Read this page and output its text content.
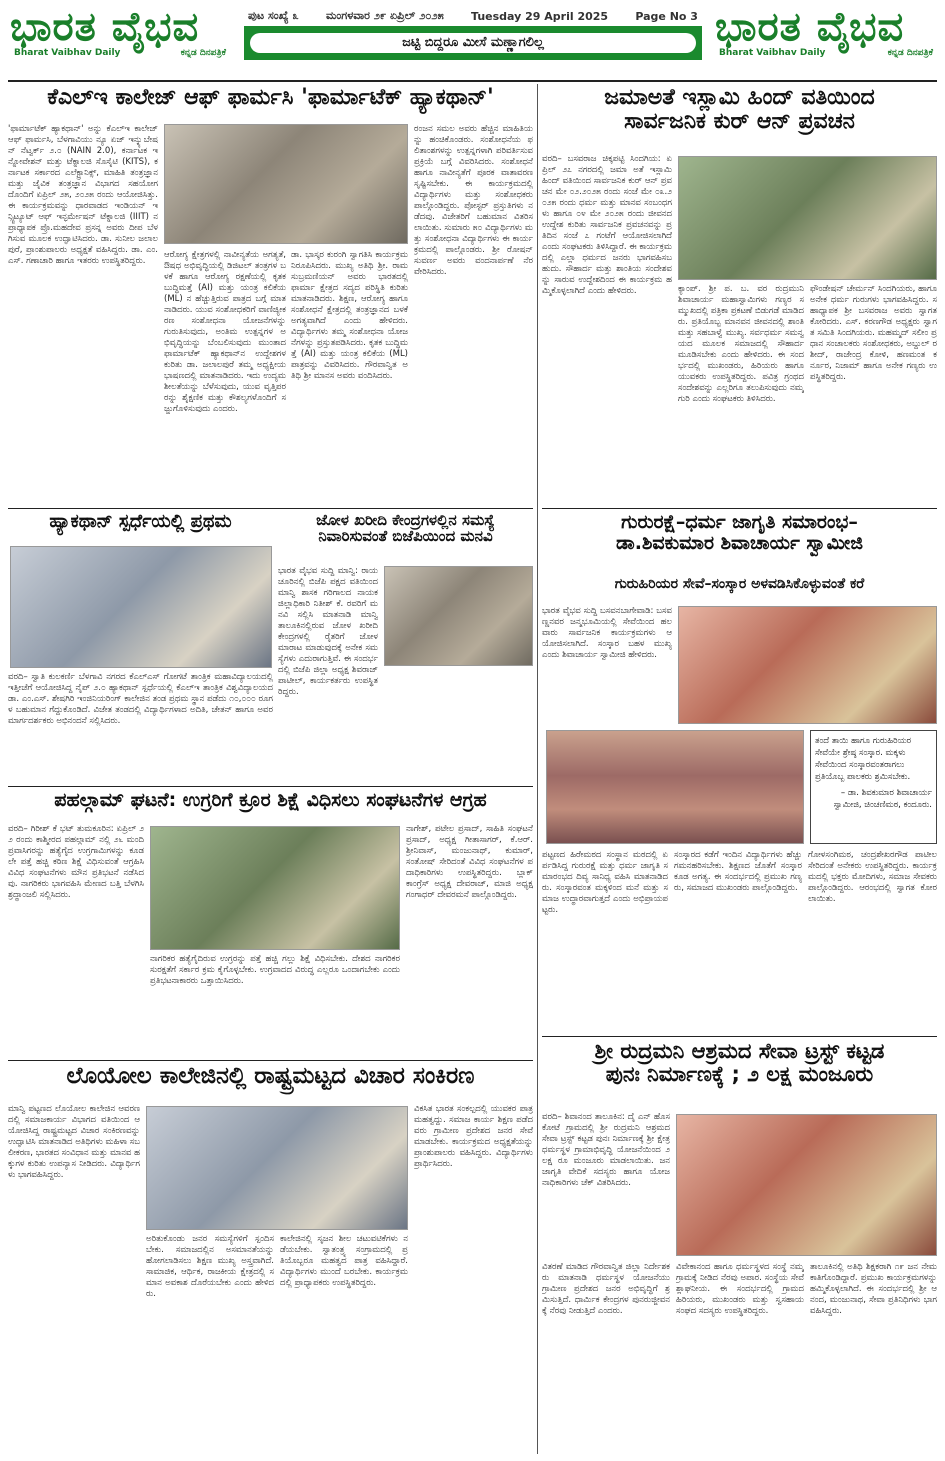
ಭಾರತ ವೈಭವ
Bharat Vaibhav Daily	ಕನ್ನಡ ದಿನಪತ್ರಿಕೆ
ಪುಟ ಸಂಖ್ಯೆ ೩ ಮಂಗಳವಾರ ೨೯ ಏಪ್ರಿಲ್ ೨೦೨೫ Tuesday 29 April 2025 Page No 3
ಜಟ್ಟಿ ಬಿದ್ದರೂ ಮೀಸೆ ಮಣ್ಣಾಗಲಿಲ್ಲ	ಭಾರತ ವೈಭವ
Bharat Vaibhav Daily	ಕನ್ನಡ ದಿನಪತ್ರಿಕೆ
ಕೆಎಲ್ಇ ಕಾಲೇಜ್ ಆಫ್ ಫಾರ್ಮಸಿ 'ಫಾರ್ಮಾಟೆಕ್ ಹ್ಯಾಕಥಾನ್'
'ಫಾರ್ಮಾಟೆಕ್ ಹ್ಯಾಕಥಾನ್' ಅನ್ನು ಕೆಎಲ್ಇ ಕಾಲೇಜ್ ಆಫ್ ಫಾರ್ಮಸಿ, ಬೆಳಗಾವಿಯು ನ್ಯೂ ಏಜ್ ಇನ್ಕ್ಯುಬೇಷನ್ ನೆಟ್ವರ್ಕ್ ೨.೦ (NAIN 2.0), ಕರ್ನಾಟಕ ಇನ್ನೋವೇಶನ್ ಮತ್ತು ಟೆಕ್ನಾಲಜಿ ಸೊಸೈಟಿ (KITS), ಕರ್ನಾಟಕ ಸರ್ಕಾರದ ಎಲೆಕ್ಟ್ರಾನಿಕ್ಸ್, ಮಾಹಿತಿ ತಂತ್ರಜ್ಞಾನ ಮತ್ತು ಜೈವಿಕ ತಂತ್ರಜ್ಞಾನ ವಿಭಾಗದ ಸಹಯೋಗದೊಂದಿಗೆ ಏಪ್ರಿಲ್ ೨೫, ೨೦೨೫ ರಂದು ಆಯೋಜಿಸಿತ್ತು. ಈ ಕಾರ್ಯಕ್ರಮವನ್ನು ಧಾರವಾಡದ ಇಂಡಿಯನ್ ಇನ್ಸ್ಟಿಟ್ಯೂಟ್ ಆಫ್ ಇನ್ಫರ್ಮೇಷನ್ ಟೆಕ್ನಾಲಜಿ (IIIT) ನ ಪ್ರಾಧ್ಯಾಪಕ ಪ್ರೊ.ಮಹದೇವ ಪ್ರಸನ್ನ ಅವರು ದೀಪ ಬೆಳಗಿಸುವ ಮೂಲಕ ಉದ್ಘಾಟಿಸಿದರು. ಡಾ. ಸುನೀಲ ಜಲಾಲಪುರೆ, ಪ್ರಾಂಶುಪಾಲರು ಅಧ್ಯಕ್ಷತೆ ವಹಿಸಿದ್ದರು. ಡಾ. ಎಂ.ಎಸ್. ಗಣಾಚಾರಿ ಹಾಗೂ ಇತರರು ಉಪಸ್ಥಿತರಿದ್ದರು.
ಆರೋಗ್ಯ ಕ್ಷೇತ್ರಗಳಲ್ಲಿ ನಾವೀನ್ಯತೆಯ ಅಗತ್ಯತೆ, ಔಷಧ ಅಭಿವೃದ್ಧಿಯಲ್ಲಿ ಡಿಜಿಟಲ್ ತಂತ್ರಗಳ ಬಳಕೆ ಹಾಗೂ ಆರೋಗ್ಯ ರಕ್ಷಣೆಯಲ್ಲಿ ಕೃತಕ ಬುದ್ಧಿಮತ್ತೆ (AI) ಮತ್ತು ಯಂತ್ರ ಕಲಿಕೆಯ (ML) ನ ಹೆಚ್ಚುತ್ತಿರುವ ಪಾತ್ರದ ಬಗ್ಗೆ ಮಾತನಾಡಿದರು. ಯುವ ಸಂಶೋಧಕರಿಗೆ ವಾಣಿಜ್ಯೀಕರಣ ಸಂಶೋಧನಾ ಯೋಜನೆಗಳನ್ನು ಗುರುತಿಸುವುದು, ಅಂತಿಮ ಉತ್ಪನ್ನಗಳ ಅಭಿವೃದ್ಧಿಯನ್ನು ಬೆಂಬಲಿಸುವುದು ಮುಂತಾದ ಫಾರ್ಮಾಟೆಕ್ ಹ್ಯಾಕಥಾನ್‌ನ ಉದ್ದೇಶಗಳ ಕುರಿತು ಡಾ. ಜಲಾಲಪುರೆ ತಮ್ಮ ಅಧ್ಯಕ್ಷೀಯ ಭಾಷಣದಲ್ಲಿ ಮಾತನಾಡಿದರು. ಇದು ಉದ್ಯಮಶೀಲತೆಯನ್ನು ಬೆಳೆಸುವುದು, ಯುವ ವೃತ್ತಿಪರರನ್ನು ಶೈಕ್ಷಣಿಕ ಮತ್ತು ಕೌಶಲ್ಯಗಳೊಂದಿಗೆ ಸಜ್ಜುಗೊಳಿಸುವುದು ಎಂದರು.
ಡಾ. ಭಾಸ್ಕರ ಕುರಂಗಿ ಸ್ವಾಗತಿಸಿ ಕಾರ್ಯಕ್ರಮ ನಿರೂಪಿಸಿದರು. ಮುಖ್ಯ ಅತಿಥಿ ಶ್ರೀ. ರಾಮ ಸುಬ್ರಮಣಿಯನ್ ಅವರು ಭಾರತದಲ್ಲಿ ಫಾರ್ಮಾ ಕ್ಷೇತ್ರದ ಸದ್ಯದ ಪರಿಸ್ಥಿತಿ ಕುರಿತು ಮಾತನಾಡಿದರು. ಶಿಕ್ಷಣ, ಆರೋಗ್ಯ ಹಾಗೂ ಸಂಶೋಧನೆ ಕ್ಷೇತ್ರದಲ್ಲಿ ತಂತ್ರಜ್ಞಾನದ ಬಳಕೆ ಅಗತ್ಯವಾಗಿದೆ ಎಂದು ಹೇಳಿದರು. ವಿದ್ಯಾರ್ಥಿಗಳು ತಮ್ಮ ಸಂಶೋಧನಾ ಯೋಜನೆಗಳನ್ನು ಪ್ರಸ್ತುತಪಡಿಸಿದರು. ಕೃತಕ ಬುದ್ಧಿಮತ್ತೆ (AI) ಮತ್ತು ಯಂತ್ರ ಕಲಿಕೆಯ (ML) ಪಾತ್ರವನ್ನು ವಿವರಿಸಿದರು. ಗೌರವಾನ್ವಿತ ಅತಿಥಿ ಶ್ರೀ ಮಾನಸ ಅವರು ವಂದಿಸಿದರು.
ರಂಜನ ಸಮಲ ಅವರು ಹೆಚ್ಚಿನ ಮಾಹಿತಿಯನ್ನು ಹಂಚಿಕೊಂಡರು. ಸಂಶೋಧನೆಯ ಫಲಿತಾಂಶಗಳನ್ನು ಉತ್ಪನ್ನಗಳಾಗಿ ಪರಿವರ್ತಿಸುವ ಪ್ರಕ್ರಿಯೆ ಬಗ್ಗೆ ವಿವರಿಸಿದರು. ಸಂಶೋಧನೆ ಹಾಗೂ ನಾವೀನ್ಯತೆಗೆ ಪೂರಕ ವಾತಾವರಣ ಸೃಷ್ಟಿಸಬೇಕು. ಈ ಕಾರ್ಯಕ್ರಮದಲ್ಲಿ ವಿದ್ಯಾರ್ಥಿಗಳು ಮತ್ತು ಸಂಶೋಧಕರು ಪಾಲ್ಗೊಂಡಿದ್ದರು. ಪೋಸ್ಟರ್ ಪ್ರಸ್ತುತಿಗಳು ನಡೆದವು. ವಿಜೇತರಿಗೆ ಬಹುಮಾನ ವಿತರಿಸಲಾಯಿತು. ಸುಮಾರು ೫೦ ವಿದ್ಯಾರ್ಥಿಗಳು ಮತ್ತು ಸಂಶೋಧನಾ ವಿದ್ಯಾರ್ಥಿಗಳು ಈ ಕಾರ್ಯಕ್ರಮದಲ್ಲಿ ಪಾಲ್ಗೊಂಡರು. ಶ್ರೀ ರೋಷನ್ ಸುವರ್ಣ ಅವರು ವಂದನಾರ್ಪಣೆ ನೆರವೇರಿಸಿದರು.
ಜಮಾಅತೆ ಇಸ್ಲಾಮಿ ಹಿಂದ್ ವತಿಯಿಂದ
ಸಾರ್ವಜನಿಕ ಕುರ್ ಆನ್ ಪ್ರವಚನ
ವರದಿ– ಬಸವರಾಜ ಚಿಕ್ಕಪಟ್ಟಿ ಸಿಂದಗಿಯ: ಏಪ್ರಿಲ್ ೨೭ ನಗರದಲ್ಲಿ ಜಮಾ ಅತೆ ಇಸ್ಲಾಮಿ ಹಿಂದ್ ವತಿಯಿಂದ ಸಾರ್ವಜನಿಕ ಕುರ್ ಆನ್ ಪ್ರವಚನ ಮೇ ೦೨.೨೦೨೫ ರಂದು ಸಂಜೆ ಮೇ ೦೩.೨೦೨೫ ರಂದು ಧರ್ಮ ಮತ್ತು ಮಾನವ ಸಂಬಂಧಗಳು ಹಾಗೂ ೦೪ ಮೇ ೨೦೨೫ ರಂದು ಜೀವನದ ಉದ್ದೇಶ ಕುರಿತು ಸಾರ್ವಜನಿಕ ಪ್ರವಚನವನ್ನು ಪ್ರತಿದಿನ ಸಂಜೆ ೭ ಗಂಟೆಗೆ ಆಯೋಜಿಸಲಾಗಿದೆ ಎಂದು ಸಂಘಟಕರು ತಿಳಿಸಿದ್ದಾರೆ. ಈ ಕಾರ್ಯಕ್ರಮದಲ್ಲಿ ಎಲ್ಲಾ ಧರ್ಮದ ಜನರು ಭಾಗವಹಿಸಬಹುದು. ಸೌಹಾರ್ದ ಮತ್ತು ಶಾಂತಿಯ ಸಂದೇಶವನ್ನು ಸಾರುವ ಉದ್ದೇಶದಿಂದ ಈ ಕಾರ್ಯಕ್ರಮ ಹಮ್ಮಿಕೊಳ್ಳಲಾಗಿದೆ ಎಂದು ಹೇಳಿದರು.	ಕ್ಯಾಂಪ್. ಶ್ರೀ ಪ. ಬ. ವರ ರುದ್ರಮುನಿ ಶಿವಾಚಾರ್ಯ ಮಹಾಸ್ವಾಮಿಗಳು ಗಣ್ಯರ ಸಮ್ಮುಖದಲ್ಲಿ ಪತ್ರಿಕಾ ಪ್ರಕಟಣೆ ಬಿಡುಗಡೆ ಮಾಡಿದರು. ಪ್ರತಿಯೊಬ್ಬ ಮಾನವನ ಜೀವನದಲ್ಲಿ ಶಾಂತಿ ಮತ್ತು ಸಹಬಾಳ್ವೆ ಮುಖ್ಯ. ಸರ್ವಧರ್ಮ ಸಮನ್ವಯದ ಮೂಲಕ ಸಮಾಜದಲ್ಲಿ ಸೌಹಾರ್ದ ಮೂಡಿಸಬೇಕು ಎಂದು ಹೇಳಿದರು. ಈ ಸಂದರ್ಭದಲ್ಲಿ ಮುಖಂಡರು, ಹಿರಿಯರು ಹಾಗೂ ಯುವಕರು ಉಪಸ್ಥಿತರಿದ್ದರು. ಪವಿತ್ರ ಗ್ರಂಥದ ಸಂದೇಶವನ್ನು ಎಲ್ಲರಿಗೂ ತಲುಪಿಸುವುದು ನಮ್ಮ ಗುರಿ ಎಂದು ಸಂಘಟಕರು ತಿಳಿಸಿದರು.
ಫೌಂಡೇಷನ್ ಚೇರ್ಮನ್ ಸಿಂದಗಿಯರು, ಹಾಗೂ ಅನೇಕ ಧರ್ಮ ಗುರುಗಳು ಭಾಗವಹಿಸಿದ್ದರು. ಸಹಾಧ್ಯಾಪಕ ಶ್ರೀ ಬಸವರಾಜ ಅವರು ಸ್ವಾಗತ ಕೋರಿದರು. ಎಸ್. ಕರಣಗೌಡ ಅಧ್ಯಕ್ಷರು ಸ್ವಾಗತ ಸಮಿತಿ ಸಿಂದಗಿಯರು. ಮಹಮ್ಮದ್ ಸಲೀಂ ಪ್ರಧಾನ ಸಂಚಾಲಕರು ಸಂಶೋಧಕರು, ಅಬ್ದುಲ್ ರಶೀದ್, ರಾಜೇಂದ್ರ ಕೋಳಿ, ಹಣಮಂತ ಕರ್ನೂರ, ನಿಜಾಮ್ ಹಾಗೂ ಅನೇಕ ಗಣ್ಯರು ಉಪಸ್ಥಿತರಿದ್ದರು.
ಹ್ಯಾಕಥಾನ್ ಸ್ಪರ್ಧೆಯಲ್ಲಿ ಪ್ರಥಮ
ವರದಿ– ಸ್ವಾತಿ ಕುಲಕರ್ಣಿ ಬೆಳಗಾವಿ ನಗರದ ಕೆಎಲ್ಎಸ್ ಗೋಗಟೆ ತಾಂತ್ರಿಕ ಮಹಾವಿದ್ಯಾಲಯದಲ್ಲಿ ಇತ್ತೀಚೆಗೆ ಆಯೋಜಿಸಿದ್ದ ನೈಪ್ ೨.೦ ಹ್ಯಾಕಥಾನ್ ಸ್ಪರ್ಧೆಯಲ್ಲಿ ಕೆಎಲ್ಇ ತಾಂತ್ರಿಕ ವಿಶ್ವವಿದ್ಯಾಲಯದ ಡಾ. ಎಂ.ಎಸ್. ಶೇಷಗಿರಿ ಇಂಜಿನಿಯರಿಂಗ್ ಕಾಲೇಜಿನ ತಂಡ ಪ್ರಥಮ ಸ್ಥಾನ ಪಡೆದು ೧೦,೦೦೦ ರೂಗಳ ಬಹುಮಾನ ಗೆದ್ದುಕೊಂಡಿದೆ. ವಿಜೇತ ತಂಡದಲ್ಲಿ ವಿದ್ಯಾರ್ಥಿಗಳಾದ ಅದಿತಿ, ಚೇತನ್ ಹಾಗೂ ಅವರ ಮಾರ್ಗದರ್ಶಕರು ಅಭಿನಂದನೆ ಸಲ್ಲಿಸಿದರು.
ಜೋಳ ಖರೀದಿ ಕೇಂದ್ರಗಳಲ್ಲಿನ ಸಮಸ್ಯೆ
ನಿವಾರಿಸುವಂತೆ ಬಿಜೆಪಿಯಿಂದ ಮನವಿ
ಭಾರತ ವೈಭವ ಸುದ್ದಿ ಮಾನ್ವಿ: ರಾಯಚೂರಿನಲ್ಲಿ ಬಿಜೆಪಿ ಪಕ್ಷದ ವತಿಯಿಂದ ಮಾನ್ವಿ ಶಾಸಕ ಗರಿಗಾಲದ ನಾಯಕ ಜಿಲ್ಲಾಧಿಕಾರಿ ನಿತೀಶ್ ಕೆ. ರವರಿಗೆ ಮನವಿ ಸಲ್ಲಿಸಿ ಮಾತನಾಡಿ ಮಾನ್ವಿ ತಾಲೂಕಿನಲ್ಲಿರುವ ಜೋಳ ಖರೀದಿ ಕೇಂದ್ರಗಳಲ್ಲಿ ರೈತರಿಗೆ ಜೋಳ ಮಾರಾಟ ಮಾಡುವುದಕ್ಕೆ ಅನೇಕ ಸಮಸ್ಯೆಗಳು ಎದುರಾಗುತ್ತಿವೆ. ಈ ಸಂದರ್ಭದಲ್ಲಿ ಬಿಜೆಪಿ ಜಿಲ್ಲಾ ಅಧ್ಯಕ್ಷ ಶಿವರಾಜ್ ಪಾಟೀಲ್, ಕಾರ್ಯಕರ್ತರು ಉಪಸ್ಥಿತರಿದ್ದರು.
ಗುರುರಕ್ಷೆ–ಧರ್ಮ ಜಾಗೃತಿ ಸಮಾರಂಭ–
ಡಾ.ಶಿವಕುಮಾರ ಶಿವಾಚಾರ್ಯ ಸ್ವಾಮೀಜಿ
ಗುರುಹಿರಿಯರ ಸೇವೆ–ಸಂಸ್ಕಾರ ಅಳವಡಿಸಿಕೊಳ್ಳುವಂತೆ ಕರೆ
ಭಾರತ ವೈಭವ ಸುದ್ದಿ ಬಸವನಬಾಗೇವಾಡಿ: ಬಸವಣ್ಣನವರ ಜನ್ಮಭೂಮಿಯಲ್ಲಿ ಸೇವೆಯಿಂದ ಹಲವಾರು ಸಾರ್ವಜನಿಕ ಕಾರ್ಯಕ್ರಮಗಳು ಆಯೋಜಿಸಲಾಗಿದೆ. ಸಂಸ್ಕಾರ ಬಹಳ ಮುಖ್ಯ ಎಂದು ಶಿವಾಚಾರ್ಯ ಸ್ವಾಮೀಜಿ ಹೇಳಿದರು.
ತಂದೆ ತಾಯಿ ಹಾಗೂ ಗುರುಹಿರಿಯರ ಸೇವೆಯೇ ಶ್ರೇಷ್ಠ ಸಂಸ್ಕಾರ. ಮಕ್ಕಳು ಸೇವೆಯಿಂದ ಸಂಸ್ಕಾರವಂತರಾಗಲು ಪ್ರತಿಯೊಬ್ಬ ಪಾಲಕರು ಶ್ರಮಿಸಬೇಕು.
– ಡಾ. ಶಿವಕುಮಾರ ಶಿವಾಚಾರ್ಯ ಸ್ವಾಮೀಜಿ, ಚಿಂಚಣಿಮಠ, ಕಂದೂರು.
ಪಟ್ಟಣದ ಹಿರೇಮಠದ ಸಂಸ್ಥಾನ ಮಠದಲ್ಲಿ ಏರ್ಪಡಿಸಿದ್ದ ಗುರುರಕ್ಷೆ ಮತ್ತು ಧರ್ಮ ಜಾಗೃತಿ ಸಮಾರಂಭದ ದಿವ್ಯ ಸಾನಿಧ್ಯ ವಹಿಸಿ ಮಾತನಾಡಿದರು. ಸಂಸ್ಕಾರವಂತ ಮಕ್ಕಳಿಂದ ಮನೆ ಮತ್ತು ಸಮಾಜ ಉದ್ಧಾರವಾಗುತ್ತದೆ ಎಂದು ಅಭಿಪ್ರಾಯಪಟ್ಟರು.
ಸಂಸ್ಕಾರದ ಕಡೆಗೆ ಇಂದಿನ ವಿದ್ಯಾರ್ಥಿಗಳು ಹೆಚ್ಚು ಗಮನಹರಿಸಬೇಕು. ಶಿಕ್ಷಣದ ಜೊತೆಗೆ ಸಂಸ್ಕಾರ ಕೂಡ ಅಗತ್ಯ. ಈ ಸಂದರ್ಭದಲ್ಲಿ ಪ್ರಮುಖ ಗಣ್ಯರು, ಸಮಾಜದ ಮುಖಂಡರು ಪಾಲ್ಗೊಂಡಿದ್ದರು.
ಗೋಳಸಂಗಿಮಠ, ಚಂದ್ರಶೇಖರಗೌಡ ಪಾಟೀಲ ಸೇರಿದಂತೆ ಅನೇಕರು ಉಪಸ್ಥಿತರಿದ್ದರು. ಕಾರ್ಯಕ್ರಮದಲ್ಲಿ ಭಕ್ತರು ಮೋದಿಗಳು, ಸಮಾಜ ಸೇವಕರು ಪಾಲ್ಗೊಂಡಿದ್ದರು. ಆರಂಭದಲ್ಲಿ ಸ್ವಾಗತ ಕೋರಲಾಯಿತು.
ಪಹಲ್ಗಾಮ್ ಘಟನೆ: ಉಗ್ರರಿಗೆ ಕ್ರೂರ ಶಿಕ್ಷೆ ವಿಧಿಸಲು ಸಂಘಟನೆಗಳ ಆಗ್ರಹ
ವರದಿ– ಗಿರೀಶ್ ಕೆ ಭಟ್ ತುಮಕೂರಿನ: ಏಪ್ರಿಲ್ ೨೨ ರಂದು ಕಾಶ್ಮೀರದ ಪಹಲ್ಗಾಮ್ ನಲ್ಲಿ ೨೬ ಮಂದಿ ಪ್ರವಾಸಿಗರನ್ನು ಹತ್ಯೆಗೈದ ಉಗ್ರಗಾಮಿಗಳನ್ನು ಕೂಡಲೇ ಪತ್ತೆ ಹಚ್ಚಿ ಕಠಿಣ ಶಿಕ್ಷೆ ವಿಧಿಸುವಂತೆ ಆಗ್ರಹಿಸಿ ವಿವಿಧ ಸಂಘಟನೆಗಳು ಮೌನ ಪ್ರತಿಭಟನೆ ನಡೆಸಿದವು. ನಾಗರಿಕರು ಭಾಗವಹಿಸಿ ಮೇಣದ ಬತ್ತಿ ಬೆಳಗಿಸಿ ಶ್ರದ್ಧಾಂಜಲಿ ಸಲ್ಲಿಸಿದರು.
ನಾಗರಿಕರ ಹತ್ಯೆಗೈದಿರುವ ಉಗ್ರರನ್ನು ಪತ್ತೆ ಹಚ್ಚಿ ಗಲ್ಲು ಶಿಕ್ಷೆ ವಿಧಿಸಬೇಕು. ದೇಶದ ನಾಗರಿಕರ ಸುರಕ್ಷತೆಗೆ ಸರ್ಕಾರ ಕ್ರಮ ಕೈಗೊಳ್ಳಬೇಕು. ಉಗ್ರವಾದದ ವಿರುದ್ಧ ಎಲ್ಲರೂ ಒಂದಾಗಬೇಕು ಎಂದು ಪ್ರತಿಭಟನಾಕಾರರು ಒತ್ತಾಯಿಸಿದರು.
ನಾಗೇಶ್, ಪಟೇಲ ಪ್ರಸಾದ್, ಸಾಹಿತಿ ಸಂಘಟನೆ ಪ್ರಸಾದ್, ಅಧ್ಯಕ್ಷ ಗೀತಾಸಾಗರ್, ಕೆ.ಆರ್. ಶ್ರೀನಿವಾಸ್, ಮಂಜುನಾಥ್, ಕುಮಾರ್, ಸಂತೋಷ್ ಸೇರಿದಂತೆ ವಿವಿಧ ಸಂಘಟನೆಗಳ ಪದಾಧಿಕಾರಿಗಳು ಉಪಸ್ಥಿತರಿದ್ದರು. ಬ್ಲಾಕ್ ಕಾಂಗ್ರೆಸ್ ಅಧ್ಯಕ್ಷ ದೇವರಾಜ್, ಮಾಜಿ ಅಧ್ಯಕ್ಷ ಗಂಗಾಧರ್ ದೇವರಮನೆ ಪಾಲ್ಗೊಂಡಿದ್ದರು.
ಲೊಯೋಲ ಕಾಲೇಜಿನಲ್ಲಿ ರಾಷ್ಟ್ರಮಟ್ಟದ ವಿಚಾರ ಸಂಕಿರಣ
ಮಾನ್ವಿ ಪಟ್ಟಣದ ಲೊಯೋಲ ಕಾಲೇಜಿನ ಆವರಣದಲ್ಲಿ ಸಮಾಜಕಾರ್ಯ ವಿಭಾಗದ ವತಿಯಿಂದ ಆಯೋಜಿಸಿದ್ದ ರಾಷ್ಟ್ರಮಟ್ಟದ ವಿಚಾರ ಸಂಕಿರಣವನ್ನು ಉದ್ಘಾಟಿಸಿ ಮಾತನಾಡಿದ ಅತಿಥಿಗಳು ಮಹಿಳಾ ಸಬಲೀಕರಣ, ಭಾರತದ ಸಂವಿಧಾನ ಮತ್ತು ಮಾನವ ಹಕ್ಕುಗಳ ಕುರಿತು ಉಪನ್ಯಾಸ ನೀಡಿದರು. ವಿದ್ಯಾರ್ಥಿಗಳು ಭಾಗವಹಿಸಿದ್ದರು.
ಅರಿತುಕೊಂಡು ಜನರ ಸಮಸ್ಯೆಗಳಿಗೆ ಸ್ಪಂದಿಸಬೇಕು. ಸಮಾಜದಲ್ಲಿನ ಅಸಮಾನತೆಯನ್ನು ಹೋಗಲಾಡಿಸಲು ಶಿಕ್ಷಣ ಮುಖ್ಯ ಅಸ್ತ್ರವಾಗಿದೆ. ಸಾಮಾಜಿಕ, ಆರ್ಥಿಕ, ರಾಜಕೀಯ ಕ್ಷೇತ್ರದಲ್ಲಿ ಸಮಾನ ಅವಕಾಶ ದೊರೆಯಬೇಕು ಎಂದು ಹೇಳಿದರು.
ಕಾಲೇಜಿನಲ್ಲಿ ಸೃಜನ ಶೀಲ ಚಟುವಟಿಕೆಗಳು ನಡೆಯಬೇಕು. ಸ್ವಾತಂತ್ರ್ಯ ಸಂಗ್ರಾಮದಲ್ಲಿ ಪ್ರತಿಯೊಬ್ಬರೂ ಮಹತ್ವದ ಪಾತ್ರ ವಹಿಸಿದ್ದಾರೆ. ವಿದ್ಯಾರ್ಥಿಗಳು ಮುಂದೆ ಬರಬೇಕು. ಕಾರ್ಯಕ್ರಮದಲ್ಲಿ ಪ್ರಾಧ್ಯಾಪಕರು ಉಪಸ್ಥಿತರಿದ್ದರು.
ವಿಕಸಿತ ಭಾರತ ಸಂಕಲ್ಪದಲ್ಲಿ ಯುವಕರ ಪಾತ್ರ ಮಹತ್ವದ್ದು. ಸಮಾಜ ಕಾರ್ಯ ಶಿಕ್ಷಣ ಪಡೆದವರು ಗ್ರಾಮೀಣ ಪ್ರದೇಶದ ಜನರ ಸೇವೆ ಮಾಡಬೇಕು. ಕಾರ್ಯಕ್ರಮದ ಅಧ್ಯಕ್ಷತೆಯನ್ನು ಪ್ರಾಂಶುಪಾಲರು ವಹಿಸಿದ್ದರು. ವಿದ್ಯಾರ್ಥಿಗಳು ಪ್ರಾರ್ಥಿಸಿದರು.
ಶ್ರೀ ರುದ್ರಮನಿ ಆಶ್ರಮದ ಸೇವಾ ಟ್ರಸ್ಟ್ ಕಟ್ಟಡ
ಪುನಃ ನಿರ್ಮಾಣಕ್ಕೆ ; ೨ ಲಕ್ಷ ಮಂಜೂರು
ವರದಿ– ಶಿವಾನಂದ ತಾಲೂಕಿನ: ದೈ ಎನ್ ಹೊಸಕೋಟೆ ಗ್ರಾಮದಲ್ಲಿ ಶ್ರೀ ರುದ್ರಮನಿ ಆಶ್ರಮದ ಸೇವಾ ಟ್ರಸ್ಟ್ ಕಟ್ಟಡ ಪುನಃ ನಿರ್ಮಾಣಕ್ಕೆ ಶ್ರೀ ಕ್ಷೇತ್ರ ಧರ್ಮಸ್ಥಳ ಗ್ರಾಮಾಭಿವೃದ್ಧಿ ಯೋಜನೆಯಿಂದ ೨ ಲಕ್ಷ ರೂ ಮಂಜೂರು ಮಾಡಲಾಯಿತು. ಜನಜಾಗೃತಿ ವೇದಿಕೆ ಸದಸ್ಯರು ಹಾಗೂ ಯೋಜನಾಧಿಕಾರಿಗಳು ಚೆಕ್ ವಿತರಿಸಿದರು.
ವಿತರಣೆ ಮಾಡಿದ ಗೌರವಾನ್ವಿತ ಜಿಲ್ಲಾ ನಿರ್ದೇಶಕರು ಮಾತನಾಡಿ ಧರ್ಮಸ್ಥಳ ಯೋಜನೆಯು ಗ್ರಾಮೀಣ ಪ್ರದೇಶದ ಜನರ ಅಭಿವೃದ್ಧಿಗೆ ಶ್ರಮಿಸುತ್ತಿದೆ. ಧಾರ್ಮಿಕ ಕೇಂದ್ರಗಳ ಪುನರುಜ್ಜೀವನಕ್ಕೆ ನೆರವು ನೀಡುತ್ತಿದೆ ಎಂದರು.
ವಿವೇಕಾನಂದ ಹಾಗೂ ಧರ್ಮಸ್ಥಳದ ಸಂಸ್ಥೆ ನಮ್ಮ ಗ್ರಾಮಕ್ಕೆ ನೀಡಿದ ನೆರವು ಅಪಾರ. ಸಂಸ್ಥೆಯ ಸೇವೆ ಶ್ಲಾಘನೀಯ. ಈ ಸಂದರ್ಭದಲ್ಲಿ ಗ್ರಾಮದ ಹಿರಿಯರು, ಮುಖಂಡರು ಮತ್ತು ಸ್ವಸಹಾಯ ಸಂಘದ ಸದಸ್ಯರು ಉಪಸ್ಥಿತರಿದ್ದರು.
ತಾಲೂಕಿನಲ್ಲಿ ಅತಿಥಿ ಶಿಕ್ಷಕರಾಗಿ ೧೯ ಜನ ನೇಮಕಾತಿಗೊಂಡಿದ್ದಾರೆ. ಪ್ರಮುಖ ಕಾರ್ಯಕ್ರಮಗಳನ್ನು ಹಮ್ಮಿಕೊಳ್ಳಲಾಗಿದೆ. ಈ ಸಂದರ್ಭದಲ್ಲಿ ಶ್ರೀ ಆನಂದ, ಮಂಜುನಾಥ, ಸೇವಾ ಪ್ರತಿನಿಧಿಗಳು ಭಾಗವಹಿಸಿದ್ದರು.
